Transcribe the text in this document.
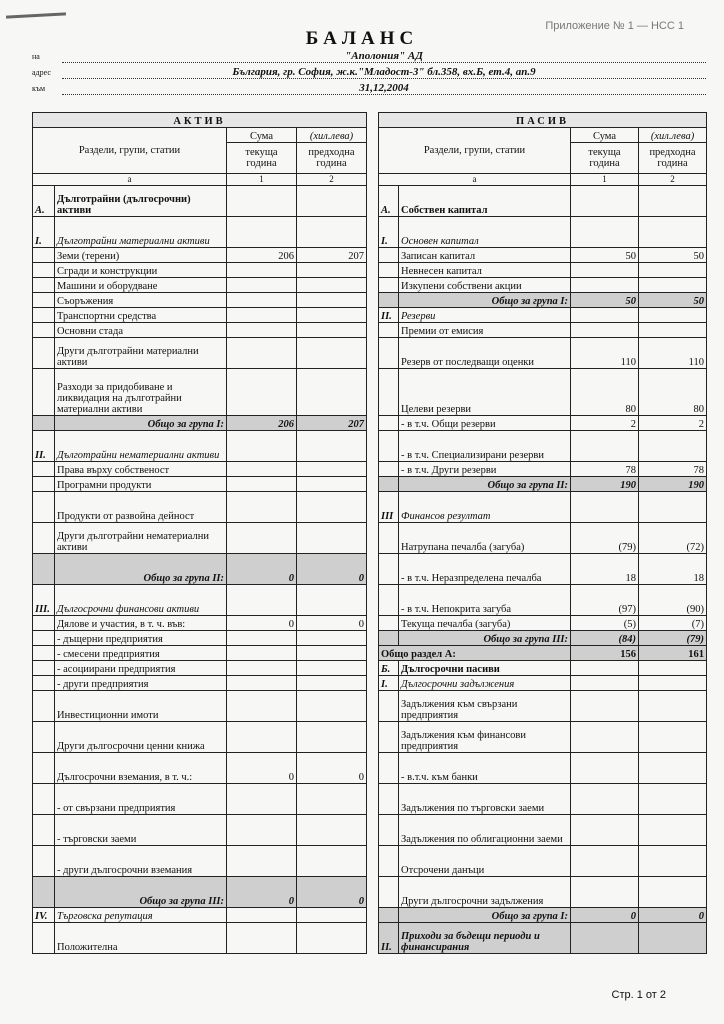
Приложение № 1 — НСС 1
БАЛАНС
на	"Аполония" АД
адрес	България, гр. София, ж.к."Младост-3" бл.358, вх.Б, ет.4, ап.9
към	31,12,2004
АКТИВ			
Раздели, групи, статии		Сума	(хил.лева)
		текуща година	предходна година
а		1	2
A.	Дълготрайни (дългосрочни) активи		
I.	Дълготрайни материални активи		
	Земи (терени)	206	207
	Сгради и конструкции		
	Машини и оборудване		
	Съоръжения		
	Транспортни средства		
	Основни стада		
	Други дълготрайни материални активи		
	Разходи за придобиване и ликвидация на дълготрайни материални активи		
	Общо за група I:	206	207
II.	Дълготрайни нематериални активи		
	Права върху собственост		
	Програмни продукти		
	Продукти от развойна дейност		
	Други дълготрайни нематериални активи		
	Общо за група II:	0	0
III.	Дългосрочни финансови активи		
	Дялове и участия, в т. ч. във:	0	0
	- дъщерни предприятия		
	- смесени предприятия		
	- асоциирани предприятия		
	- други предприятия		
	Инвестиционни имоти		
	Други дългосрочни ценни книжа		
	Дългосрочни вземания, в т. ч.:	0	0
	- от свързани предприятия		
	- търговски заеми		
	- други дългосрочни вземания		
	Общо за група III:	0	0
IV.	Търговска репутация		
	Положителна		
ПАСИВ			
Раздели, групи, статии		Сума	(хил.лева)
		текуща година	предходна година
а		1	2
A.	Собствен капитал		
I.	Основен капитал		
	Записан капитал	50	50
	Невнесен капитал		
	Изкупени собствени акции		
	Общо за група I:	50	50
II.	Резерви		
	Премии от емисия		
	Резерв от последващи оценки	110	110
	Целеви резерви	80	80
	- в т.ч. Общи резерви	2	2
	- в т.ч. Специализирани резерви		
	- в т.ч. Други резерви	78	78
	Общо за група II:	190	190
III	Финансов резултат		
	Натрупана печалба (загуба)	(79)	(72)
	- в т.ч. Неразпределена печалба	18	18
	- в т.ч. Непокрита загуба	(97)	(90)
	Текуща печалба (загуба)	(5)	(7)
	Общо за група III:	(84)	(79)
Общо раздел А:		156	161
Б.	Дългосрочни пасиви		
I.	Дългосрочни задължения		
	Задължения към свързани предприятия		
	Задължения към финансови предприятия		
	- в.т.ч. към банки		
	Задължения по търговски заеми		
	Задължения по облигационни заеми		
	Отсрочени данъци		
	Други дългосрочни задължения		
	Общо за група I:	0	0
II.	Приходи за бъдещи периоди и финансирания		
Стр. 1 от 2
